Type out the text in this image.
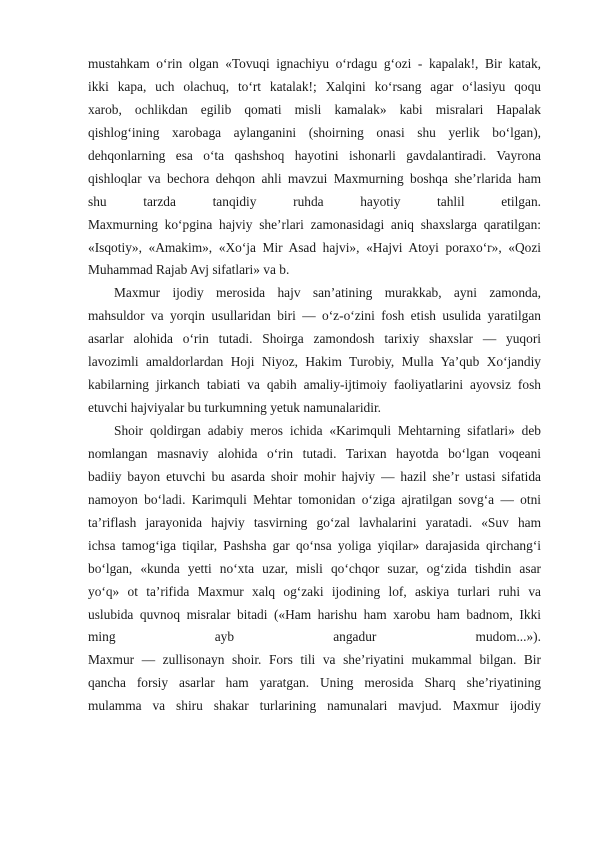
mustahkam o‘rin olgan «Tovuqi ignachiyu o‘rdagu g‘ozi - kapalak!, Bir katak,
ikki kapa, uch olachuq, to‘rt katalak!; Xalqini ko‘rsang agar o‘lasiyu qoqu
xarob, ochlikdan egilib qomati misli kamalak» kabi misralari Hapalak
qishlog‘ining xarobaga aylanganini (shoirning onasi shu yerlik bo‘lgan),
dehqonlarning esa o‘ta qashshoq hayotini ishonarli gavdalantiradi. Vayrona
qishloqlar va bechora dehqon ahli mavzui Maxmurning boshqa she’rlarida ham
shu tarzda tanqidiy ruhda hayotiy tahlil etilgan.
Maxmurning ko‘pgina hajviy she’rlari zamonasidagi aniq shaxslarga qaratilgan:
«Isqotiy», «Amakim», «Xo‘ja Mir Asad hajvi», «Hajvi Atoyi poraxo‘r», «Qozi
Muhammad Rajab Avj sifatlari» va b.
Maxmur ijodiy merosida hajv san’atining murakkab, ayni zamonda,
mahsuldor va yorqin usullaridan biri — o‘z-o‘zini fosh etish usulida yaratilgan
asarlar alohida o‘rin tutadi. Shoirga zamondosh tarixiy shaxslar — yuqori
lavozimli amaldorlardan Hoji Niyoz, Hakim Turobiy, Mulla Ya’qub Xo‘jandiy
kabilarning jirkanch tabiati va qabih amaliy-ijtimoiy faoliyatlarini ayovsiz fosh
etuvchi hajviyalar bu turkumning yetuk namunalaridir.
Shoir qoldirgan adabiy meros ichida «Karimquli Mehtarning sifatlari» deb
nomlangan masnaviy alohida o‘rin tutadi. Tarixan hayotda bo‘lgan voqeani
badiiy bayon etuvchi bu asarda shoir mohir hajviy — hazil she’r ustasi sifatida
namoyon bo‘ladi. Karimquli Mehtar tomonidan o‘ziga ajratilgan sovg‘a — otni
ta’riflash jarayonida hajviy tasvirning go‘zal lavhalarini yaratadi. «Suv ham
ichsa tamog‘iga tiqilar, Pashsha gar qo‘nsa yoliga yiqilar» darajasida qirchang‘i
bo‘lgan, «kunda yetti no‘xta uzar, misli qo‘chqor suzar, og‘zida tishdin asar
yo‘q» ot ta’rifida Maxmur xalq og‘zaki ijodining lof, askiya turlari ruhi va
uslubida quvnoq misralar bitadi («Ham harishu ham xarobu ham badnom, Ikki
ming ayb angadur mudom...»).
Maxmur — zullisonayn shoir. Fors tili va she’riyatini mukammal bilgan. Bir
qancha forsiy asarlar ham yaratgan. Uning merosida Sharq she’riyatining
mulamma va shiru shakar turlarining namunalari mavjud. Maxmur ijodiy
